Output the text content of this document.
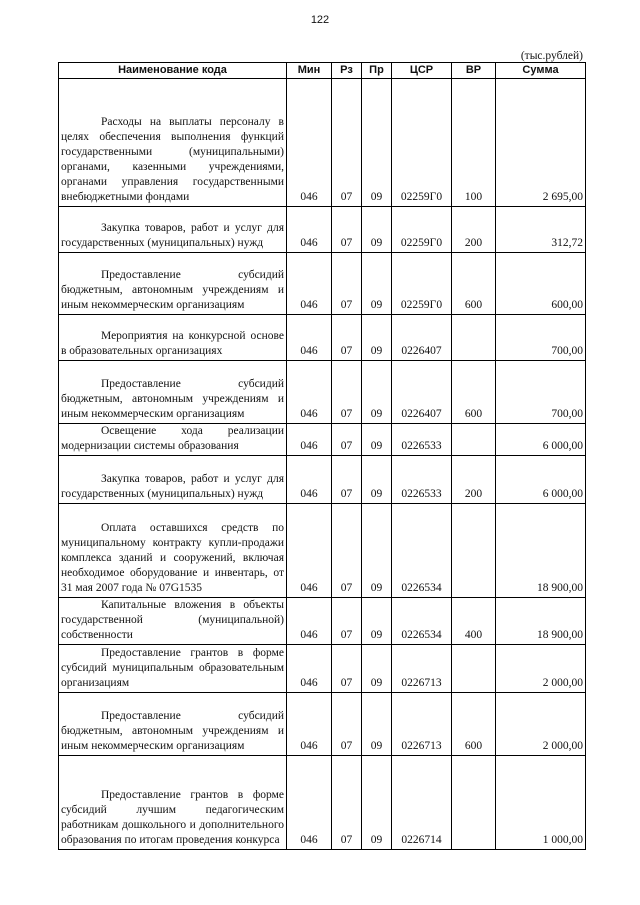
122
(тыс.рублей)
Наименование кода	Мин	Рз	Пр	ЦСР	ВР	Сумма

Расходы на выплаты персоналу в целях обеспечения выполнения функций государственными (муниципальными) органами, казенными учреждениями, органами управления государственными внебюджетными фондами	046	07	09	02259Г0	100	2 695,00

Закупка товаров, работ и услуг для государственных (муниципальных) нужд	046	07	09	02259Г0	200	312,72

Предоставление субсидий бюджетным, автономным учреждениям и иным некоммерческим организациям	046	07	09	02259Г0	600	600,00

Мероприятия на конкурсной основе в образовательных организациях	046	07	09	0226407		700,00

Предоставление субсидий бюджетным, автономным учреждениям и иным некоммерческим организациям	046	07	09	0226407	600	700,00

Освещение хода реализации модернизации системы образования	046	07	09	0226533		6 000,00

Закупка товаров, работ и услуг для государственных (муниципальных) нужд	046	07	09	0226533	200	6 000,00

Оплата оставшихся средств по муниципальному контракту купли-продажи комплекса зданий и сооружений, включая необходимое оборудование и инвентарь, от 31 мая 2007 года № 07G1535	046	07	09	0226534		18 900,00

Капитальные вложения в объекты государственной (муниципальной) собственности	046	07	09	0226534	400	18 900,00

Предоставление грантов в форме субсидий муниципальным образовательным организациям	046	07	09	0226713		2 000,00

Предоставление субсидий бюджетным, автономным учреждениям и иным некоммерческим организациям	046	07	09	0226713	600	2 000,00

Предоставление грантов в форме субсидий лучшим педагогическим работникам дошкольного и дополнительного образования по итогам проведения конкурса	046	07	09	0226714		1 000,00
